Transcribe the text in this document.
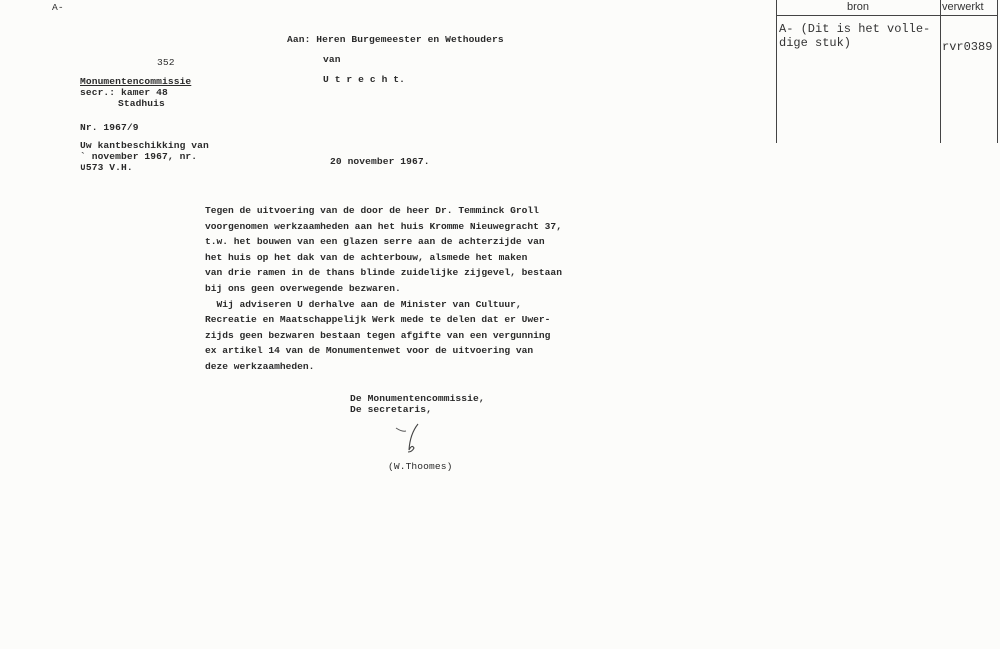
A-	bron	verwerkt
A- (Dit is het volle-
dige stuk)	rvr0389
Aan: Heren Burgemeester en Wethouders
van
U t r e c h t.
352
Monumentencommissie
secr.: kamer 48
Stadhuis
Nr. 1967/9
Uw kantbeschikking van
` november 1967, nr.
∪573 V.H.
20 november 1967.
Tegen de uitvoering van de door de heer Dr. Temminck Groll
voorgenomen werkzaamheden aan het huis Kromme Nieuwegracht 37,
t.w. het bouwen van een glazen serre aan de achterzijde van
het huis op het dak van de achterbouw, alsmede het maken
van drie ramen in de thans blinde zuidelijke zijgevel, bestaan
bij ons geen overwegende bezwaren.
Wij adviseren U derhalve aan de Minister van Cultuur,
Recreatie en Maatschappelijk Werk mede te delen dat er Uwer-
zijds geen bezwaren bestaan tegen afgifte van een vergunning
ex artikel 14 van de Monumentenwet voor de uitvoering van
deze werkzaamheden.
De Monumentencommissie,
De secretaris,
(W.Thoomes)
